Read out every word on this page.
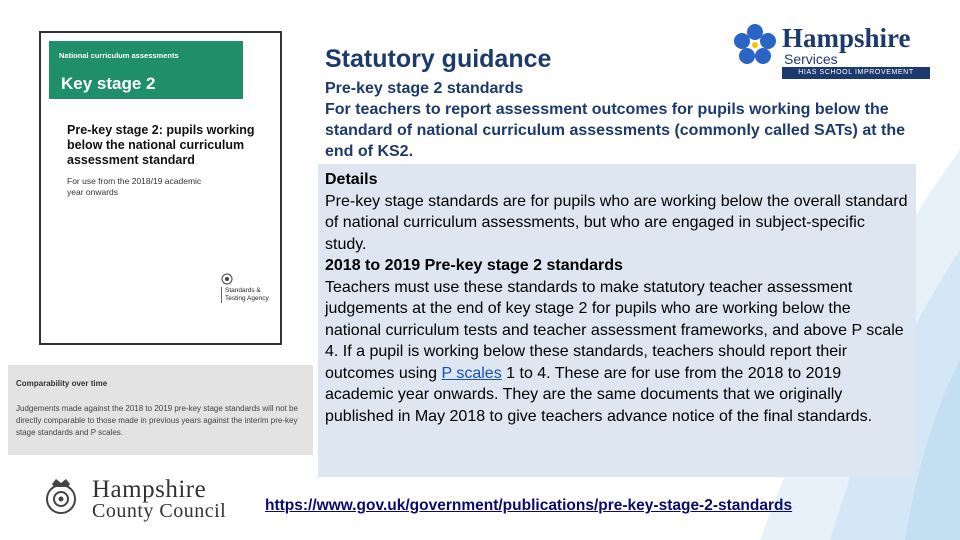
National curriculum assessments
Key stage 2
Pre-key stage 2: pupils working below the national curriculum assessment standard
For use from the 2018/19 academic year onwards
Standards & Testing Agency
Comparability over time
Judgements made against the 2018 to 2019 pre-key stage standards will not be directly comparable to those made in previous years against the interim pre-key stage standards and P scales.
Hampshire
County Council
Hampshire
Services
HIAS SCHOOL IMPROVEMENT
Statutory guidance
Pre-key stage 2 standards
For teachers to report assessment outcomes for pupils working below the standard of national curriculum assessments (commonly called SATs) at the end of KS2.
Details
Pre-key stage standards are for pupils who are working below the overall standard of national curriculum assessments, but who are engaged in subject-specific study.
2018 to 2019 Pre-key stage 2 standards
Teachers must use these standards to make statutory teacher assessment judgements at the end of key stage 2 for pupils who are working below the national curriculum tests and teacher assessment frameworks, and above P scale 4. If a pupil is working below these standards, teachers should report their outcomes using P scales 1 to 4. These are for use from the 2018 to 2019 academic year onwards. They are the same documents that we originally published in May 2018 to give teachers advance notice of the final standards.
https://www.gov.uk/government/publications/pre-key-stage-2-standards
